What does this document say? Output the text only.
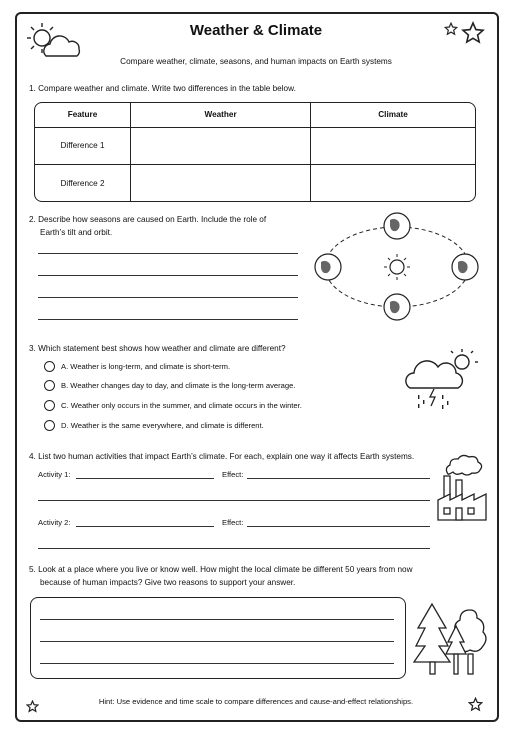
Weather & Climate
Compare weather, climate, seasons, and human impacts on Earth systems
1. Compare weather and climate. Write two differences in the table below.
Feature	Weather	Climate
Difference 1		
Difference 2		
2. Describe how seasons are caused on Earth. Include the role of
Earth’s tilt and orbit.
3. Which statement best shows how weather and climate are different?
A. Weather is long-term, and climate is short-term.
B. Weather changes day to day, and climate is the long-term average.
C. Weather only occurs in the summer, and climate occurs in the winter.
D. Weather is the same everywhere, and climate is different.
4. List two human activities that impact Earth’s climate. For each, explain one way it affects Earth systems.
Activity 1:	Effect:
Activity 2:	Effect:
5. Look at a place where you live or know well. How might the local climate be different 50 years from now
because of human impacts? Give two reasons to support your answer.
Hint: Use evidence and time scale to compare differences and cause-and-effect relationships.
